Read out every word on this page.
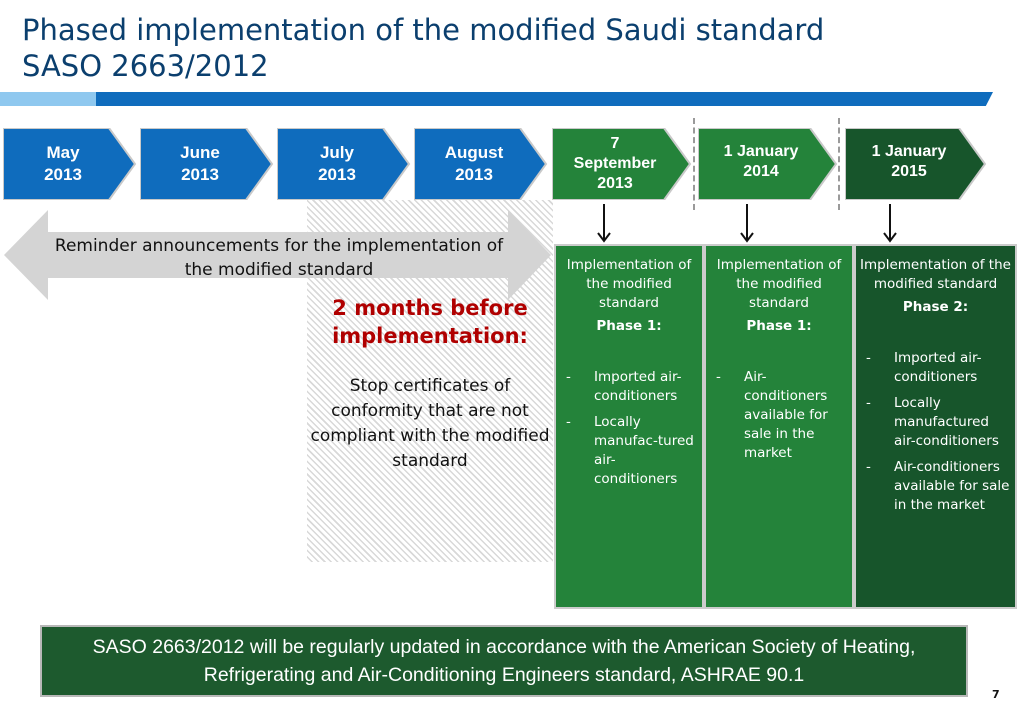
Phased implementation of the modified Saudi standard
SASO 2663/2012
May
2013
June
2013
July
2013
August
2013
7
September
2013
1 January
2014
1 January
2015
Reminder announcements for the implementation of the modified standard
2 months before implementation:
Stop certificates of conformity that are not compliant with the modified standard
Implementation of the modified standard
Phase 1:
- Imported air-conditioners
- Locally manufac-tured air-conditioners
Implementation of the modified standard
Phase 1:
- Air-conditioners available for sale in the market
Implementation of the modified standard
Phase 2:
- Imported air-conditioners
- Locally manufactured air-conditioners
- Air-conditioners available for sale in the market
SASO 2663/2012 will be regularly updated in accordance with the American Society of Heating, Refrigerating and Air-Conditioning Engineers standard, ASHRAE 90.1
7
